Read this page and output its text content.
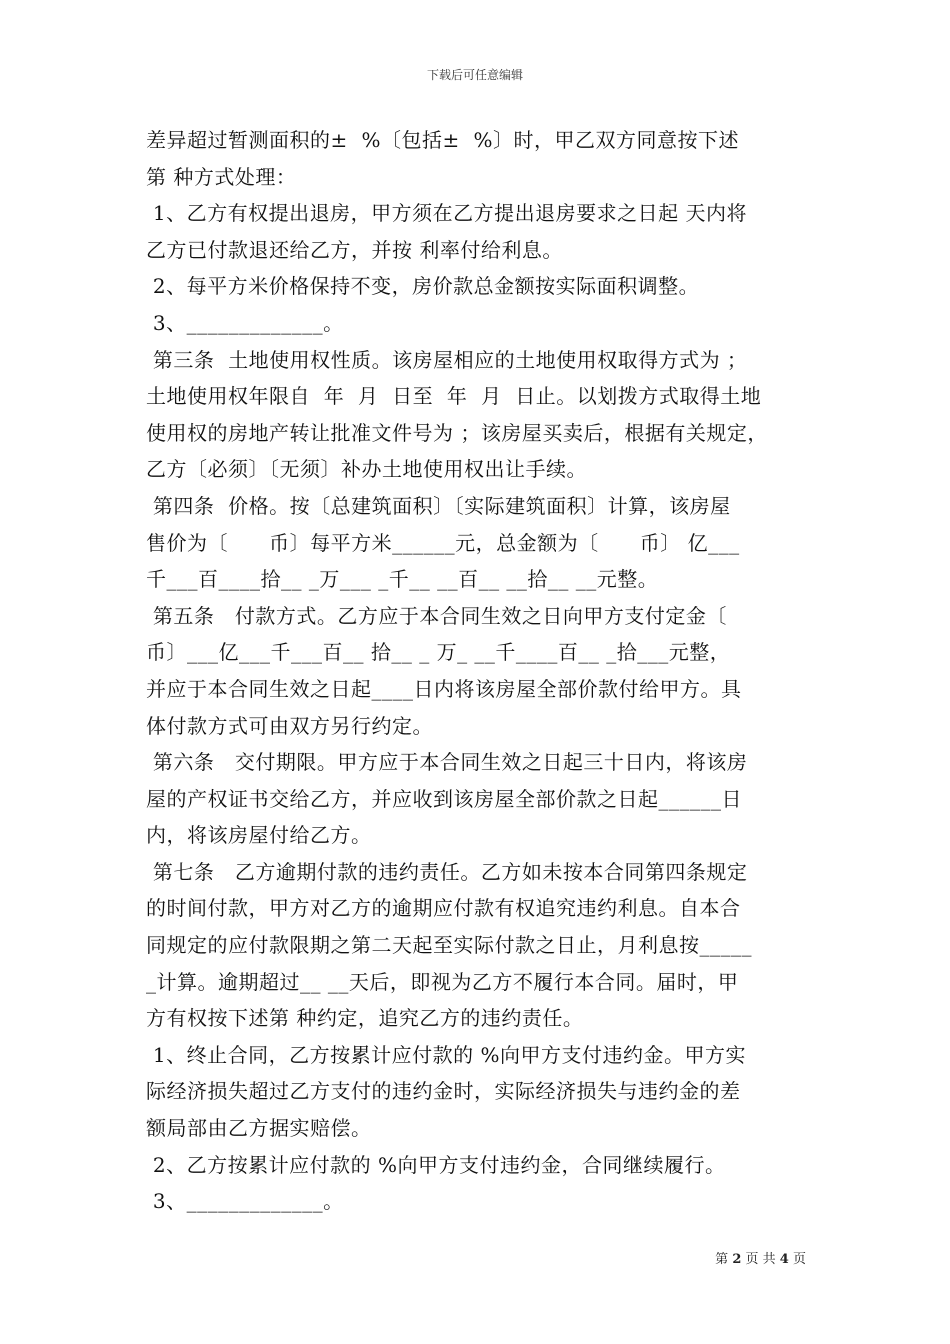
下载后可任意编辑
差异超过暂测面积的±  %〔包括±  %〕时，甲乙双方同意按下述
第 种方式处理：
1、乙方有权提出退房，甲方须在乙方提出退房要求之日起 天内将
乙方已付款退还给乙方，并按 利率付给利息。
2、每平方米价格保持不变，房价款总金额按实际面积调整。
3、_____________。
第三条  土地使用权性质。该房屋相应的土地使用权取得方式为 ；
土地使用权年限自  年  月  日至  年  月  日止。以划拨方式取得土地
使用权的房地产转让批准文件号为 ；该房屋买卖后，根据有关规定，
乙方〔必须〕〔无须〕补办土地使用权出让手续。
第四条  价格。按〔总建筑面积〕〔实际建筑面积〕计算，该房屋
售价为〔      币〕每平方米______元，总金额为〔      币〕 亿___
千___百____拾__ _万___ _千__ __百__ __拾__ __元整。
第五条   付款方式。乙方应于本合同生效之日向甲方支付定金〔
币〕___亿___千___百__ 拾__ _ 万_ __千____百__ _拾___元整，
并应于本合同生效之日起____日内将该房屋全部价款付给甲方。具
体付款方式可由双方另行约定。
第六条   交付期限。甲方应于本合同生效之日起三十日内，将该房
屋的产权证书交给乙方，并应收到该房屋全部价款之日起______日
内，将该房屋付给乙方。
第七条   乙方逾期付款的违约责任。乙方如未按本合同第四条规定
的时间付款，甲方对乙方的逾期应付款有权追究违约利息。自本合
同规定的应付款限期之第二天起至实际付款之日止，月利息按_____
_计算。逾期超过__ __天后，即视为乙方不履行本合同。届时，甲
方有权按下述第 种约定，追究乙方的违约责任。
1、终止合同，乙方按累计应付款的 %向甲方支付违约金。甲方实
际经济损失超过乙方支付的违约金时，实际经济损失与违约金的差
额局部由乙方据实赔偿。
2、乙方按累计应付款的 %向甲方支付违约金，合同继续履行。
3、_____________。
第 2 页 共 4 页
